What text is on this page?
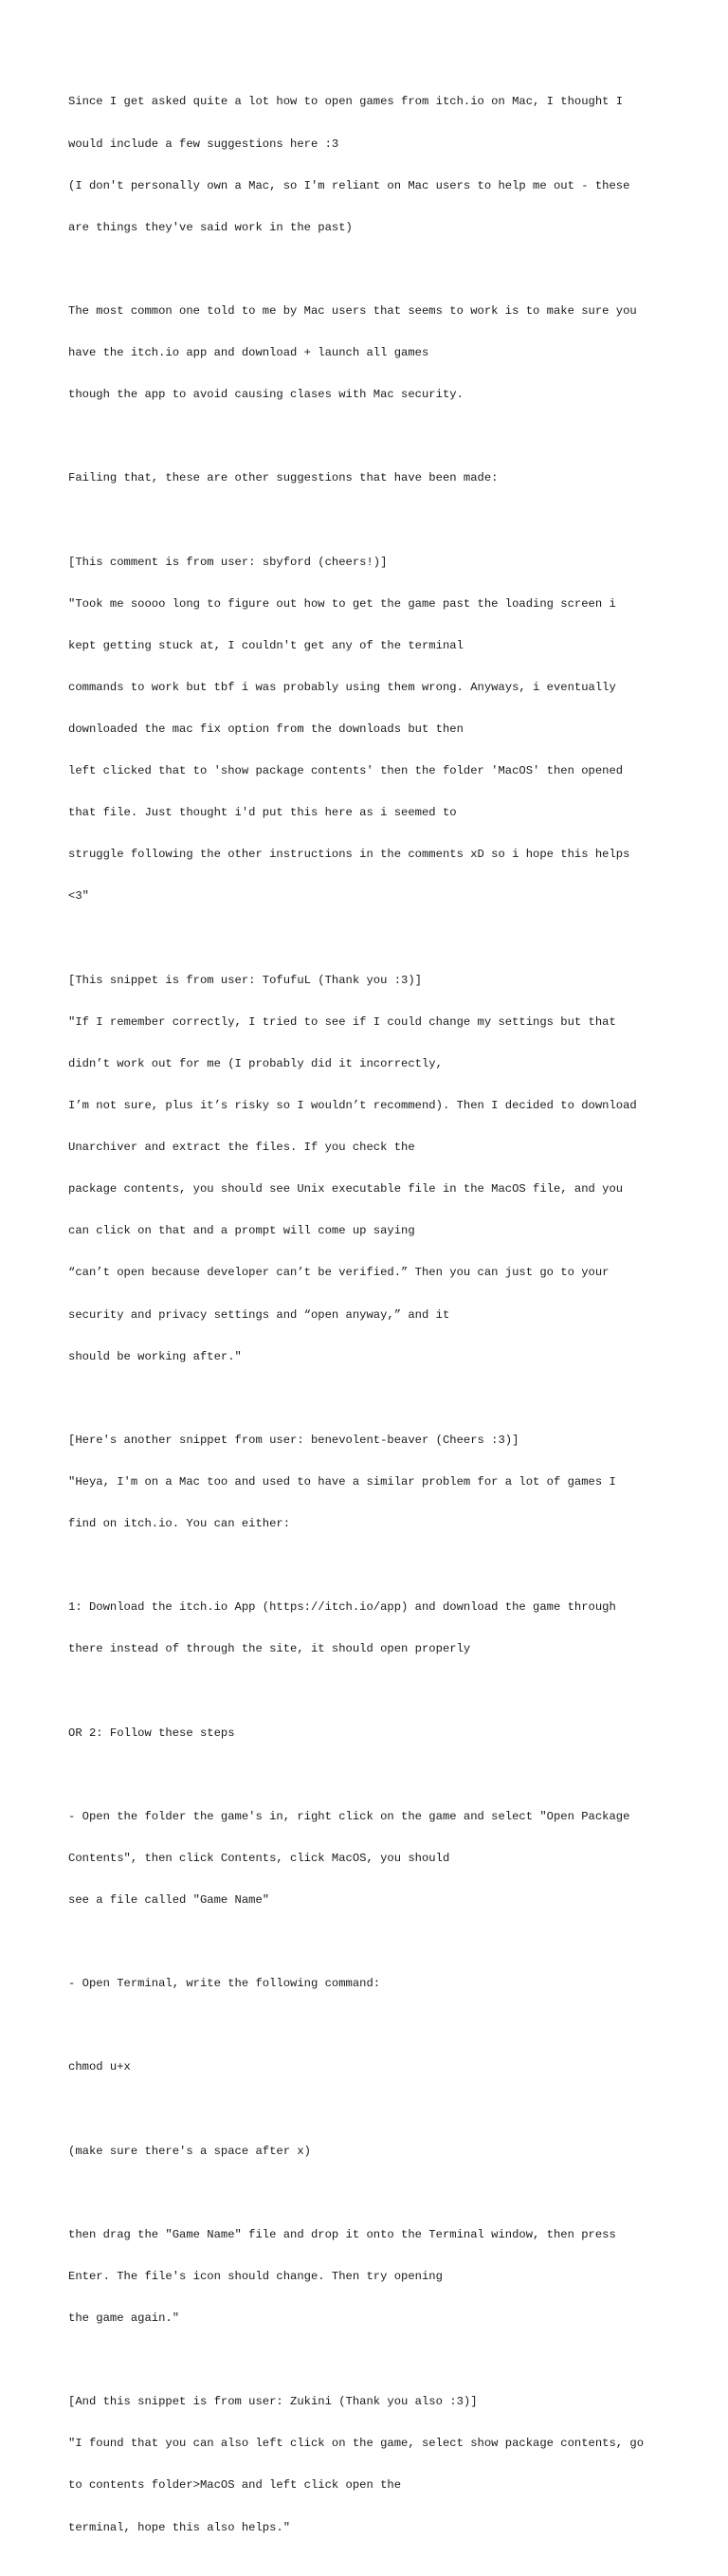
Since I get asked quite a lot how to open games from itch.io on Mac, I thought I

would include a few suggestions here :3

(I don't personally own a Mac, so I'm reliant on Mac users to help me out - these

are things they've said work in the past)

The most common one told to me by Mac users that seems to work is to make sure you

have the itch.io app and download + launch all games

though the app to avoid causing clases with Mac security.

Failing that, these are other suggestions that have been made:

[This comment is from user: sbyford (cheers!)]

"Took me soooo long to figure out how to get the game past the loading screen i

kept getting stuck at, I couldn't get any of the terminal

commands to work but tbf i was probably using them wrong. Anyways, i eventually

downloaded the mac fix option from the downloads but then

left clicked that to 'show package contents' then the folder 'MacOS' then opened

that file. Just thought i'd put this here as i seemed to

struggle following the other instructions in the comments xD so i hope this helps

<3"

[This snippet is from user: TofufuL (Thank you :3)]

"If I remember correctly, I tried to see if I could change my settings but that

didn’t work out for me (I probably did it incorrectly,

I’m not sure, plus it’s risky so I wouldn’t recommend). Then I decided to download

Unarchiver and extract the files. If you check the

package contents, you should see Unix executable file in the MacOS file, and you

can click on that and a prompt will come up saying

“can’t open because developer can’t be verified.” Then you can just go to your

security and privacy settings and “open anyway,” and it

should be working after."

[Here's another snippet from user: benevolent-beaver (Cheers :3)]

"Heya, I'm on a Mac too and used to have a similar problem for a lot of games I

find on itch.io. You can either:

1: Download the itch.io App (https://itch.io/app) and download the game through

there instead of through the site, it should open properly

OR 2: Follow these steps

- Open the folder the game's in, right click on the game and select "Open Package

Contents", then click Contents, click MacOS, you should

see a file called "Game Name"

- Open Terminal, write the following command:

chmod u+x

(make sure there's a space after x)

then drag the "Game Name" file and drop it onto the Terminal window, then press

Enter. The file's icon should change. Then try opening

the game again."

[And this snippet is from user: Zukini (Thank you also :3)]

"I found that you can also left click on the game, select show package contents, go

to contents folder>MacOS and left click open the

terminal, hope this also helps."
